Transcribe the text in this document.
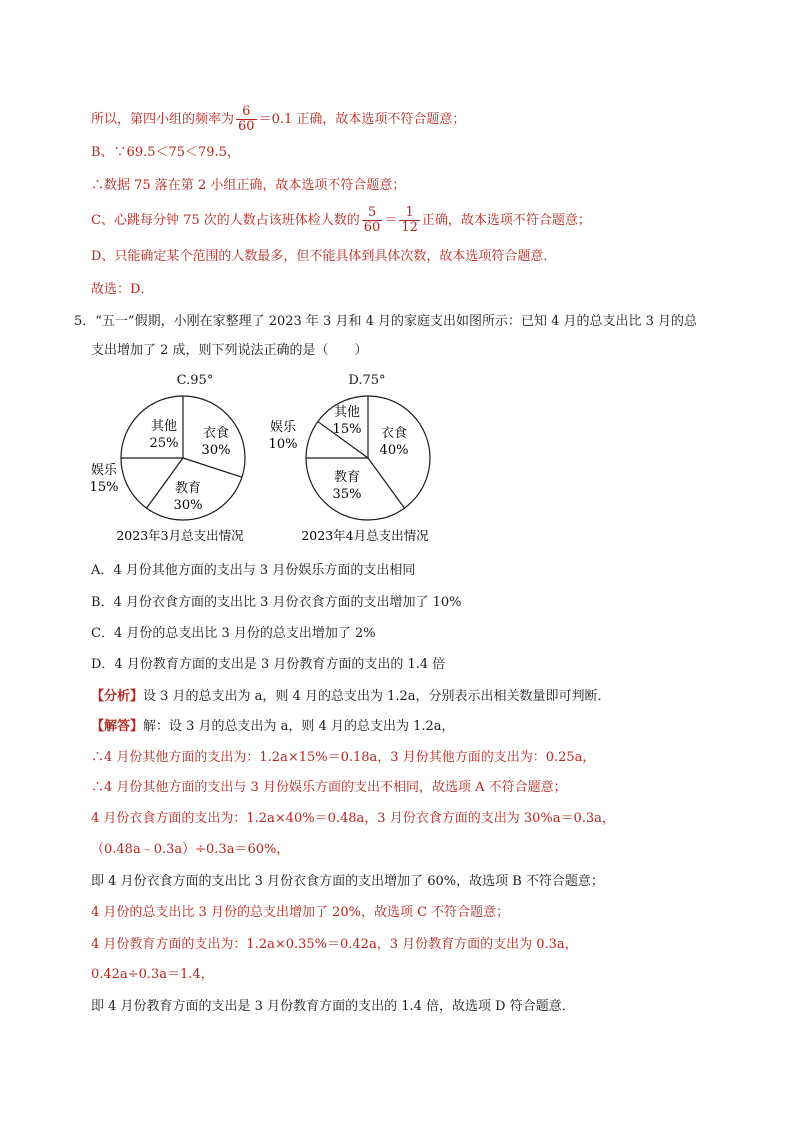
所以，第四小组的频率为 $\frac{6}{60} =0.1$ 正确，故本选项不符合题意；
B、∵69.5＜75＜79.5，
∴数据 75 落在第 2 小组正确，故本选项不符合题意；
C、心跳每分钟 75 次的人数占该班体检人数的 $\frac{5}{60} = \frac{1}{12}$ 正确，故本选项不符合题意；
D、只能确定某个范围的人数最多，但不能具体到具体次数，故本选项符合题意．
故选：D．
5．“五一”假期，小刚在家整理了 2023 年 3 月和 4 月的家庭支出如图所示：已知 4 月的总支出比 3 月的总
支出增加了 2 成，则下列说法正确的是（　　）
C.95°
其他
25%
衣食
30%
教育
30%
娱乐
15%
2023年3月总支出情况
D.75°
其他
15% 衣食
40%
教育
35%
娱乐
10%
2023年4月总支出情况
A．4 月份其他方面的支出与 3 月份娱乐方面的支出相同
B．4 月份衣食方面的支出比 3 月份衣食方面的支出增加了 10%
C．4 月份的总支出比 3 月份的总支出增加了 2%
D．4 月份教育方面的支出是 3 月份教育方面的支出的 1.4 倍
【分析】设 3 月的总支出为 a，则 4 月的总支出为 1.2a，分别表示出相关数量即可判断．
【解答】解：设 3 月的总支出为 a，则 4 月的总支出为 1.2a，
∴4 月份其他方面的支出为：1.2a×15%＝0.18a，3 月份其他方面的支出为：0.25a，
∴4 月份其他方面的支出与 3 月份娱乐方面的支出不相同，故选项 A 不符合题意；
4 月份衣食方面的支出为：1.2a×40%＝0.48a，3 月份衣食方面的支出为 30%a＝0.3a，
（0.48a﹣0.3a）÷0.3a＝60%，
即 4 月份衣食方面的支出比 3 月份衣食方面的支出增加了 60%，故选项 B 不符合题意；
4 月份的总支出比 3 月份的总支出增加了 20%，故选项 C 不符合题意；
4 月份教育方面的支出为：1.2a×0.35%＝0.42a，3 月份教育方面的支出为 0.3a，
0.42a÷0.3a＝1.4，
即 4 月份教育方面的支出是 3 月份教育方面的支出的 1.4 倍，故选项 D 符合题意．
